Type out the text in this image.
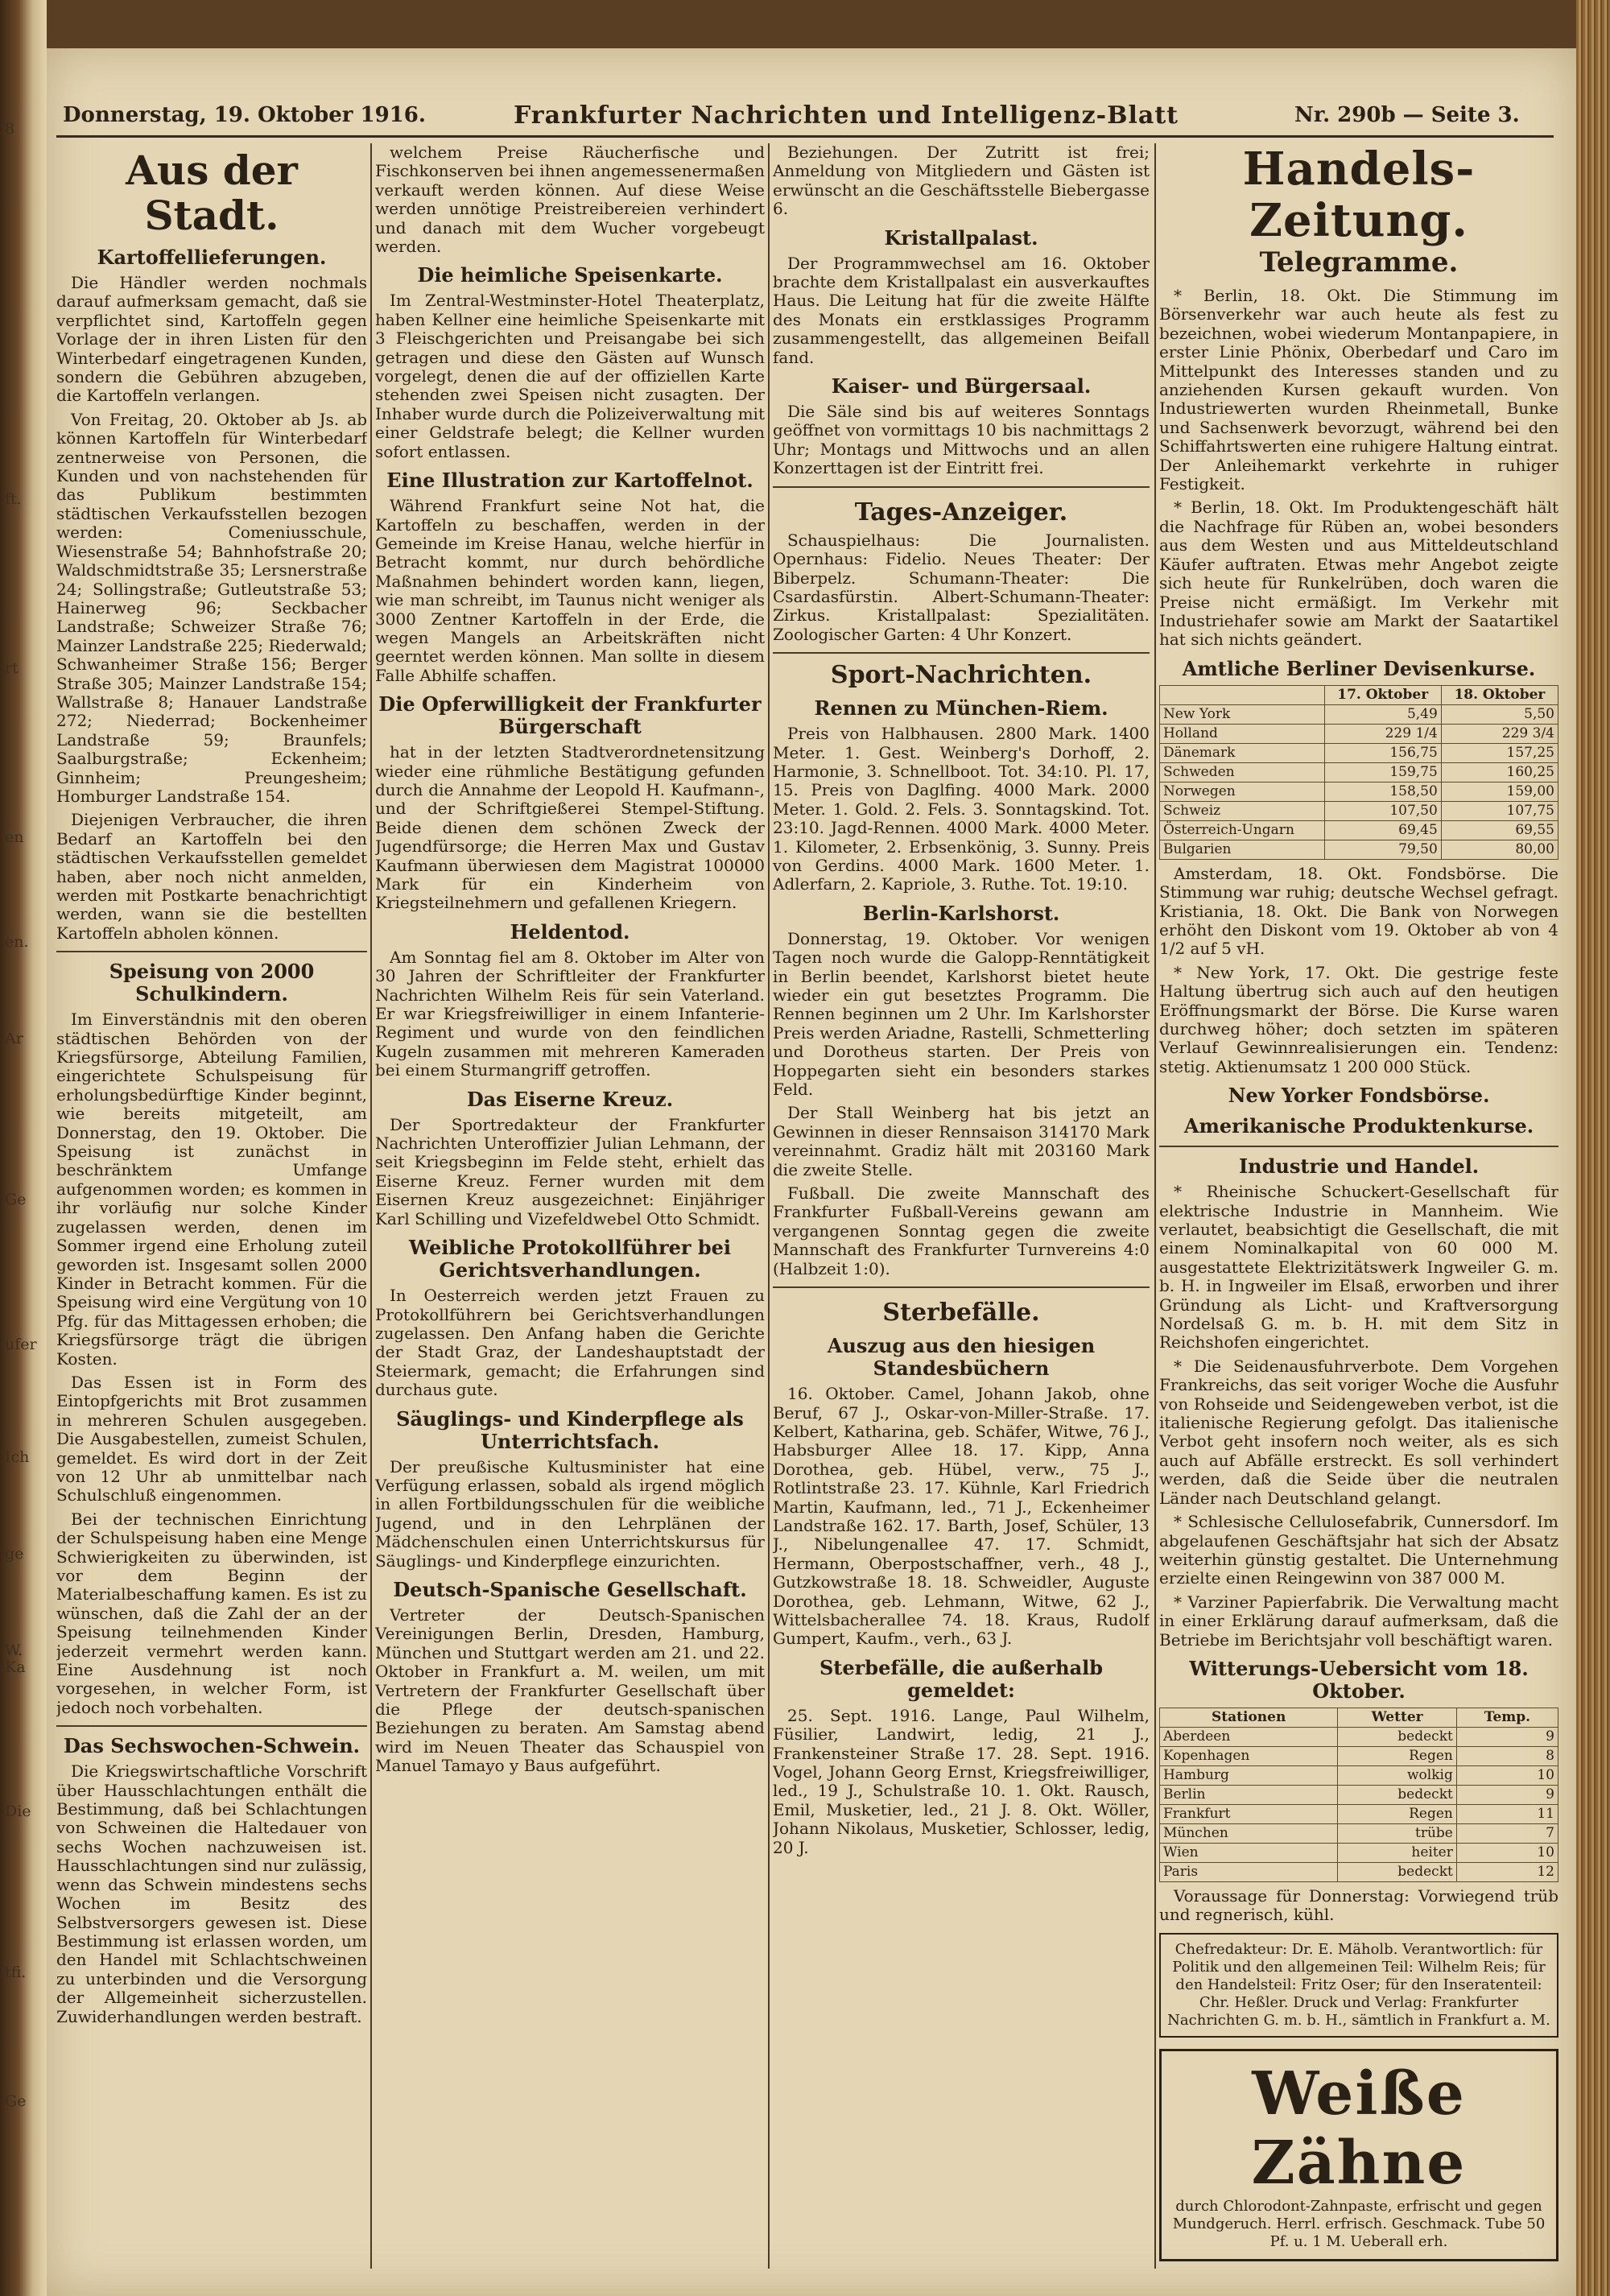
8
ft.
rt
en
en.
Ar
Ge
ufer
Ich
ge
W. Ka
Die
tfi.
Ge
Donnerstag, 19. Oktober 1916.	Frankfurter Nachrichten und Intelligenz-Blatt	Nr. 290b — Seite 3.
Aus der Stadt.
Kartoffellieferungen.

Die Händler werden nochmals darauf aufmerksam gemacht, daß sie verpflichtet sind, Kartoffeln gegen Vorlage der in ihren Listen für den Winterbedarf eingetragenen Kunden, sondern die Gebühren abzugeben, die Kartoffeln verlangen.

Von Freitag, 20. Oktober ab Js. ab können Kartoffeln für Winterbedarf zentnerweise von Personen, die Kunden und von nachstehenden für das Publikum bestimmten städtischen Verkaufsstellen bezogen werden: Comeniusschule, Wiesenstraße 54; Bahnhofstraße 20; Waldschmidtstraße 35; Lersnerstraße 24; Sollingstraße; Gutleutstraße 53; Hainerweg 96; Seckbacher Landstraße; Schweizer Straße 76; Mainzer Landstraße 225; Riederwald; Schwanheimer Straße 156; Berger Straße 305; Mainzer Landstraße 154; Wallstraße 8; Hanauer Landstraße 272; Niederrad; Bockenheimer Landstraße 59; Braunfels; Saalburgstraße; Eckenheim; Ginnheim; Preungesheim; Homburger Landstraße 154.

Diejenigen Verbraucher, die ihren Bedarf an Kartoffeln bei den städtischen Verkaufsstellen gemeldet haben, aber noch nicht anmelden, werden mit Postkarte benachrichtigt werden, wann sie die bestellten Kartoffeln abholen können.

Speisung von 2000 Schulkindern.

Im Einverständnis mit den oberen städtischen Behörden von der Kriegsfürsorge, Abteilung Familien, eingerichtete Schulspeisung für erholungsbedürftige Kinder beginnt, wie bereits mitgeteilt, am Donnerstag, den 19. Oktober. Die Speisung ist zunächst in beschränktem Umfange aufgenommen worden; es kommen in ihr vorläufig nur solche Kinder zugelassen werden, denen im Sommer irgend eine Erholung zuteil geworden ist. Insgesamt sollen 2000 Kinder in Betracht kommen. Für die Speisung wird eine Vergütung von 10 Pfg. für das Mittagessen erhoben; die Kriegsfürsorge trägt die übrigen Kosten.

Das Essen ist in Form des Eintopfgerichts mit Brot zusammen in mehreren Schulen ausgegeben. Die Ausgabestellen, zumeist Schulen, gemeldet. Es wird dort in der Zeit von 12 Uhr ab unmittelbar nach Schulschluß eingenommen.

Bei der technischen Einrichtung der Schulspeisung haben eine Menge Schwierigkeiten zu überwinden, ist vor dem Beginn der Materialbeschaffung kamen. Es ist zu wünschen, daß die Zahl der an der Speisung teilnehmenden Kinder jederzeit vermehrt werden kann. Eine Ausdehnung ist noch vorgesehen, in welcher Form, ist jedoch noch vorbehalten.

Das Sechswochen-Schwein.

Die Kriegswirtschaftliche Vorschrift über Hausschlachtungen enthält die Bestimmung, daß bei Schlachtungen von Schweinen die Haltedauer von sechs Wochen nachzuweisen ist. Hausschlachtungen sind nur zulässig, wenn das Schwein mindestens sechs Wochen im Besitz des Selbstversorgers gewesen ist. Diese Bestimmung ist erlassen worden, um den Handel mit Schlachtschweinen zu unterbinden und die Versorgung der Allgemeinheit sicherzustellen. Zuwiderhandlungen werden bestraft.

welchem Preise Räucherfische und Fischkonserven bei ihnen angemessenermaßen verkauft werden können. Auf diese Weise werden unnötige Preistreibereien verhindert und danach mit dem Wucher vorgebeugt werden.

Die heimliche Speisenkarte.

Im Zentral-Westminster-Hotel Theaterplatz, haben Kellner eine heimliche Speisenkarte mit 3 Fleischgerichten und Preisangabe bei sich getragen und diese den Gästen auf Wunsch vorgelegt, denen die auf der offiziellen Karte stehenden zwei Speisen nicht zusagten. Der Inhaber wurde durch die Polizeiverwaltung mit einer Geldstrafe belegt; die Kellner wurden sofort entlassen.

Eine Illustration zur Kartoffelnot.

Während Frankfurt seine Not hat, die Kartoffeln zu beschaffen, werden in der Gemeinde im Kreise Hanau, welche hierfür in Betracht kommt, nur durch behördliche Maßnahmen behindert worden kann, liegen, wie man schreibt, im Taunus nicht weniger als 3000 Zentner Kartoffeln in der Erde, die wegen Mangels an Arbeitskräften nicht geerntet werden können. Man sollte in diesem Falle Abhilfe schaffen.

Die Opferwilligkeit der Frankfurter Bürgerschaft

hat in der letzten Stadtverordnetensitzung wieder eine rühmliche Bestätigung gefunden durch die Annahme der Leopold H. Kaufmann-, und der Schriftgießerei Stempel-Stiftung. Beide dienen dem schönen Zweck der Jugendfürsorge; die Herren Max und Gustav Kaufmann überwiesen dem Magistrat 100000 Mark für ein Kinderheim von Kriegsteilnehmern und gefallenen Kriegern.

Heldentod.

Am Sonntag fiel am 8. Oktober im Alter von 30 Jahren der Schriftleiter der Frankfurter Nachrichten Wilhelm Reis für sein Vaterland. Er war Kriegsfreiwilliger in einem Infanterie-Regiment und wurde von den feindlichen Kugeln zusammen mit mehreren Kameraden bei einem Sturmangriff getroffen.

Das Eiserne Kreuz.

Der Sportredakteur der Frankfurter Nachrichten Unteroffizier Julian Lehmann, der seit Kriegsbeginn im Felde steht, erhielt das Eiserne Kreuz. Ferner wurden mit dem Eisernen Kreuz ausgezeichnet: Einjähriger Karl Schilling und Vizefeldwebel Otto Schmidt.

Weibliche Protokollführer bei Gerichtsverhandlungen.

In Oesterreich werden jetzt Frauen zu Protokollführern bei Gerichtsverhandlungen zugelassen. Den Anfang haben die Gerichte der Stadt Graz, der Landeshauptstadt der Steiermark, gemacht; die Erfahrungen sind durchaus gute.

Säuglings- und Kinderpflege als Unterrichtsfach.

Der preußische Kultusminister hat eine Verfügung erlassen, sobald als irgend möglich in allen Fortbildungsschulen für die weibliche Jugend, und in den Lehrplänen der Mädchenschulen einen Unterrichtskursus für Säuglings- und Kinderpflege einzurichten.

Deutsch-Spanische Gesellschaft.

Vertreter der Deutsch-Spanischen Vereinigungen Berlin, Dresden, Hamburg, München und Stuttgart werden am 21. und 22. Oktober in Frankfurt a. M. weilen, um mit Vertretern der Frankfurter Gesellschaft über die Pflege der deutsch-spanischen Beziehungen zu beraten. Am Samstag abend wird im Neuen Theater das Schauspiel von Manuel Tamayo y Baus aufgeführt.

Beziehungen. Der Zutritt ist frei; Anmeldung von Mitgliedern und Gästen ist erwünscht an die Geschäftsstelle Biebergasse 6.

Kristallpalast.

Der Programmwechsel am 16. Oktober brachte dem Kristallpalast ein ausverkauftes Haus. Die Leitung hat für die zweite Hälfte des Monats ein erstklassiges Programm zusammengestellt, das allgemeinen Beifall fand.

Kaiser- und Bürgersaal.

Die Säle sind bis auf weiteres Sonntags geöffnet von vormittags 10 bis nachmittags 2 Uhr; Montags und Mittwochs und an allen Konzerttagen ist der Eintritt frei.

Tages-Anzeiger.

Schauspielhaus: Die Journalisten. Opernhaus: Fidelio. Neues Theater: Der Biberpelz. Schumann-Theater: Die Csardasfürstin. Albert-Schumann-Theater: Zirkus. Kristallpalast: Spezialitäten. Zoologischer Garten: 4 Uhr Konzert.

Sport-Nachrichten.
Rennen zu München-Riem.

Preis von Halbhausen. 2800 Mark. 1400 Meter. 1. Gest. Weinberg's Dorhoff, 2. Harmonie, 3. Schnellboot. Tot. 34:10. Pl. 17, 15. Preis von Daglfing. 4000 Mark. 2000 Meter. 1. Gold. 2. Fels. 3. Sonntagskind. Tot. 23:10. Jagd-Rennen. 4000 Mark. 4000 Meter. 1. Kilometer, 2. Erbsenkönig, 3. Sunny. Preis von Gerdins. 4000 Mark. 1600 Meter. 1. Adlerfarn, 2. Kapriole, 3. Ruthe. Tot. 19:10.

Berlin-Karlshorst.

Donnerstag, 19. Oktober. Vor wenigen Tagen noch wurde die Galopp-Renntätigkeit in Berlin beendet, Karlshorst bietet heute wieder ein gut besetztes Programm. Die Rennen beginnen um 2 Uhr. Im Karlshorster Preis werden Ariadne, Rastelli, Schmetterling und Dorotheus starten. Der Preis von Hoppegarten sieht ein besonders starkes Feld.

Der Stall Weinberg hat bis jetzt an Gewinnen in dieser Rennsaison 314170 Mark vereinnahmt. Gradiz hält mit 203160 Mark die zweite Stelle.

Fußball. Die zweite Mannschaft des Frankfurter Fußball-Vereins gewann am vergangenen Sonntag gegen die zweite Mannschaft des Frankfurter Turnvereins 4:0 (Halbzeit 1:0).

Sterbefälle.
Auszug aus den hiesigen Standesbüchern

16. Oktober. Camel, Johann Jakob, ohne Beruf, 67 J., Oskar-von-Miller-Straße. 17. Kelbert, Katharina, geb. Schäfer, Witwe, 76 J., Habsburger Allee 18. 17. Kipp, Anna Dorothea, geb. Hübel, verw., 75 J., Rotlintstraße 23. 17. Kühnle, Karl Friedrich Martin, Kaufmann, led., 71 J., Eckenheimer Landstraße 162. 17. Barth, Josef, Schüler, 13 J., Nibelungenallee 47. 17. Schmidt, Hermann, Oberpostschaffner, verh., 48 J., Gutzkowstraße 18. 18. Schweidler, Auguste Dorothea, geb. Lehmann, Witwe, 62 J., Wittelsbacherallee 74. 18. Kraus, Rudolf Gumpert, Kaufm., verh., 63 J.

Sterbefälle, die außerhalb gemeldet:

25. Sept. 1916. Lange, Paul Wilhelm, Füsilier, Landwirt, ledig, 21 J., Frankensteiner Straße 17. 28. Sept. 1916. Vogel, Johann Georg Ernst, Kriegsfreiwilliger, led., 19 J., Schulstraße 10. 1. Okt. Rausch, Emil, Musketier, led., 21 J. 8. Okt. Wöller, Johann Nikolaus, Musketier, Schlosser, ledig, 20 J.

Handels-Zeitung.
Telegramme.

* Berlin, 18. Okt. Die Stimmung im Börsenverkehr war auch heute als fest zu bezeichnen, wobei wiederum Montanpapiere, in erster Linie Phönix, Oberbedarf und Caro im Mittelpunkt des Interesses standen und zu anziehenden Kursen gekauft wurden. Von Industriewerten wurden Rheinmetall, Bunke und Sachsenwerk bevorzugt, während bei den Schiffahrtswerten eine ruhigere Haltung eintrat. Der Anleihemarkt verkehrte in ruhiger Festigkeit.

* Berlin, 18. Okt. Im Produktengeschäft hält die Nachfrage für Rüben an, wobei besonders aus dem Westen und aus Mitteldeutschland Käufer auftraten. Etwas mehr Angebot zeigte sich heute für Runkelrüben, doch waren die Preise nicht ermäßigt. Im Verkehr mit Industriehafer sowie am Markt der Saatartikel hat sich nichts geändert.

Amtliche Berliner Devisenkurse.
	17. Oktober	18. Oktober
New York	5,49	5,50
Holland	229 1/4	229 3/4
Dänemark	156,75	157,25
Schweden	159,75	160,25
Norwegen	158,50	159,00
Schweiz	107,50	107,75
Österreich-Ungarn	69,45	69,55
Bulgarien	79,50	80,00

Amsterdam, 18. Okt. Fondsbörse. Die Stimmung war ruhig; deutsche Wechsel gefragt. Kristiania, 18. Okt. Die Bank von Norwegen erhöht den Diskont vom 19. Oktober ab von 4 1/2 auf 5 vH.

* New York, 17. Okt. Die gestrige feste Haltung übertrug sich auch auf den heutigen Eröffnungsmarkt der Börse. Die Kurse waren durchweg höher; doch setzten im späteren Verlauf Gewinnrealisierungen ein. Tendenz: stetig. Aktienumsatz 1 200 000 Stück.

New Yorker Fondsbörse.
Amerikanische Produktenkurse.
Industrie und Handel.

* Rheinische Schuckert-Gesellschaft für elektrische Industrie in Mannheim. Wie verlautet, beabsichtigt die Gesellschaft, die mit einem Nominalkapital von 60 000 M. ausgestattete Elektrizitätswerk Ingweiler G. m. b. H. in Ingweiler im Elsaß, erworben und ihrer Gründung als Licht- und Kraftversorgung Nordelsaß G. m. b. H. mit dem Sitz in Reichshofen eingerichtet.

* Die Seidenausfuhrverbote. Dem Vorgehen Frankreichs, das seit voriger Woche die Ausfuhr von Rohseide und Seidengeweben verbot, ist die italienische Regierung gefolgt. Das italienische Verbot geht insofern noch weiter, als es sich auch auf Abfälle erstreckt. Es soll verhindert werden, daß die Seide über die neutralen Länder nach Deutschland gelangt.

* Schlesische Cellulosefabrik, Cunnersdorf. Im abgelaufenen Geschäftsjahr hat sich der Absatz weiterhin günstig gestaltet. Die Unternehmung erzielte einen Reingewinn von 387 000 M.

* Varziner Papierfabrik. Die Verwaltung macht in einer Erklärung darauf aufmerksam, daß die Betriebe im Berichtsjahr voll beschäftigt waren.

Witterungs-Uebersicht vom 18. Oktober.
Stationen	Wetter	Temp.
Aberdeen	bedeckt	9
Kopenhagen	Regen	8
Hamburg	wolkig	10
Berlin	bedeckt	9
Frankfurt	Regen	11
München	trübe	7
Wien	heiter	10
Paris	bedeckt	12

Voraussage für Donnerstag: Vorwiegend trüb und regnerisch, kühl.

Chefredakteur: Dr. E. Mäholb. Verantwortlich: für Politik und den allgemeinen Teil: Wilhelm Reis; für den Handelsteil: Fritz Oser; für den Inseratenteil: Chr. Heßler. Druck und Verlag: Frankfurter Nachrichten G. m. b. H., sämtlich in Frankfurt a. M.
Weiße Zähne
durch Chlorodont-Zahnpaste, erfrischt und gegen Mundgeruch. Herrl. erfrisch. Geschmack. Tube 50 Pf. u. 1 M. Ueberall erh.
